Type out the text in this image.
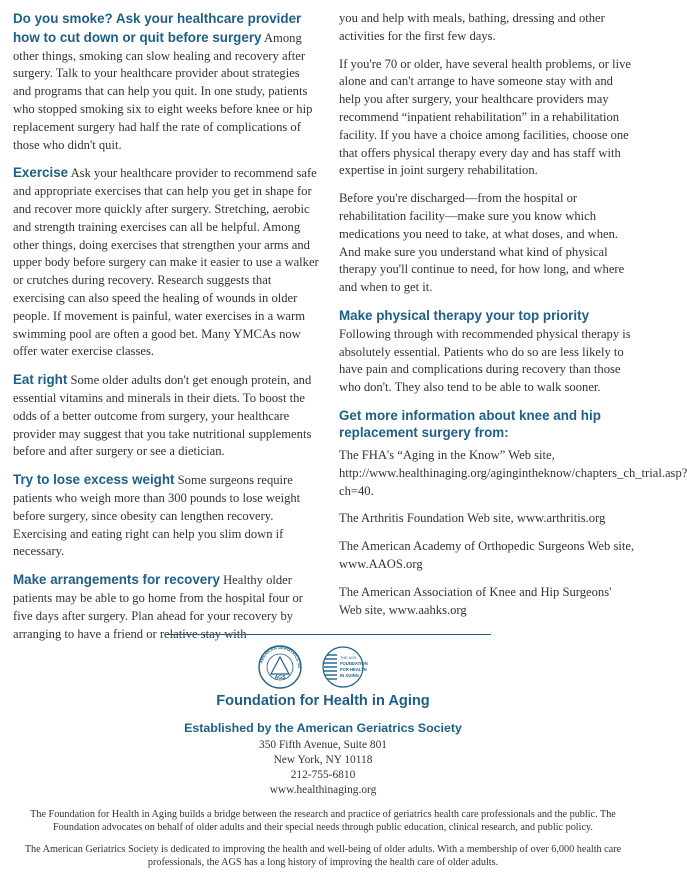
Do you smoke? Ask your healthcare provider how to cut down or quit before surgery Among other things, smoking can slow healing and recovery after surgery. Talk to your healthcare provider about strategies and programs that can help you quit. In one study, patients who stopped smoking six to eight weeks before knee or hip replacement surgery had half the rate of complications of those who didn't quit.

Exercise Ask your healthcare provider to recommend safe and appropriate exercises that can help you get in shape for and recover more quickly after surgery. Stretching, aerobic and strength training exercises can all be helpful. Among other things, doing exercises that strengthen your arms and upper body before surgery can make it easier to use a walker or crutches during recovery. Research suggests that exercising can also speed the healing of wounds in older people. If movement is painful, water exercises in a warm swimming pool are often a good bet. Many YMCAs now offer water exercise classes.

Eat right Some older adults don't get enough protein, and essential vitamins and minerals in their diets. To boost the odds of a better outcome from surgery, your healthcare provider may suggest that you take nutritional supplements before and after surgery or see a dietician.

Try to lose excess weight Some surgeons require patients who weigh more than 300 pounds to lose weight before surgery, since obesity can lengthen recovery. Exercising and eating right can help you slim down if necessary.

Make arrangements for recovery Healthy older patients may be able to go home from the hospital four or five days after surgery. Plan ahead for your recovery by arranging to have a friend or relative stay with

you and help with meals, bathing, dressing and other activities for the first few days.

If you're 70 or older, have several health problems, or live alone and can't arrange to have someone stay with and help you after surgery, your healthcare providers may recommend “inpatient rehabilitation” in a rehabilitation facility. If you have a choice among facilities, choose one that offers physical therapy every day and has staff with expertise in joint surgery rehabilitation.

Before you're discharged—from the hospital or rehabilitation facility—make sure you know which medications you need to take, at what doses, and when. And make sure you understand what kind of physical therapy you'll continue to need, for how long, and where and when to get it.

Make physical therapy your top priority Following through with recommended physical therapy is absolutely essential. Patients who do so are less likely to have pain and complications during recovery than those who don't. They also tend to be able to walk sooner.

Get more information about knee and hip replacement surgery from:

The FHA's “Aging in the Know” Web site, http://www.healthinaging.org/agingintheknow/chapters_ch_trial.asp?ch=40.

The Arthritis Foundation Web site, www.arthritis.org

The American Academy of Orthopedic Surgeons Web site, www.AAOS.org

The American Association of Knee and Hip Surgeons' Web site, www.aahks.org

AMERICAN GERIATRICS SO
AGS
THE AGS
FOUNDATION
FOR HEALTH
IN AGING
Foundation for Health in Aging
Established by the American Geriatrics Society
350 Fifth Avenue, Suite 801
New York, NY 10118
212-755-6810
www.healthinaging.org
The Foundation for Health in Aging builds a bridge between the research and practice of geriatrics health care professionals and the public. The Foundation advocates on behalf of older adults and their special needs through public education, clinical research, and public policy.
The American Geriatrics Society is dedicated to improving the health and well-being of older adults. With a membership of over 6,000 health care professionals, the AGS has a long history of improving the health care of older adults.
